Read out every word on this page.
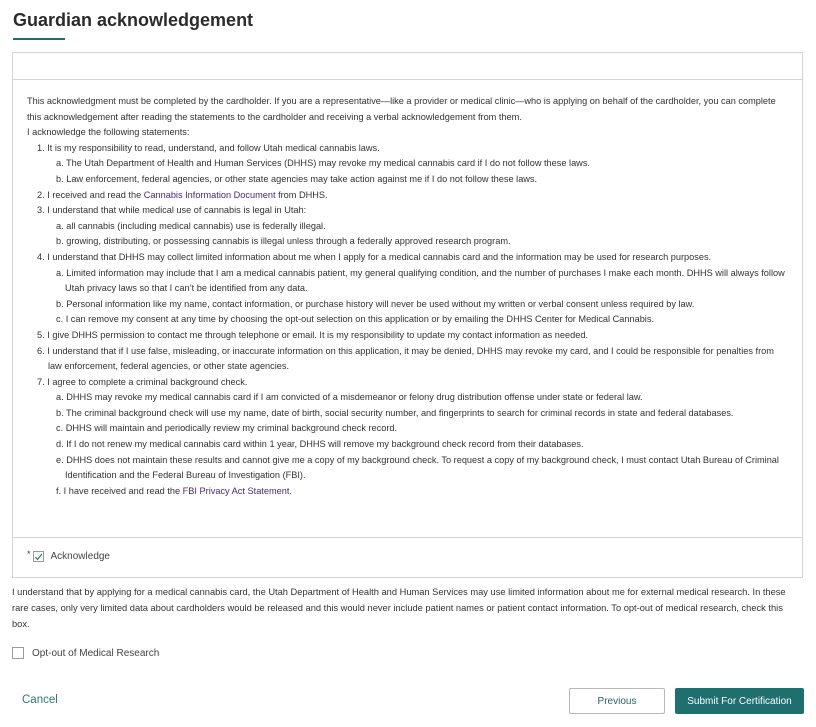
Guardian acknowledgement

This acknowledgment must be completed by the cardholder. If you are a representative—like a provider or medical clinic—who is applying on behalf of the cardholder, you can complete this acknowledgement after reading the statements to the cardholder and receiving a verbal acknowledgement from them.

I acknowledge the following statements:

1. It is my responsibility to read, understand, and follow Utah medical cannabis laws.
a. The Utah Department of Health and Human Services (DHHS) may revoke my medical cannabis card if I do not follow these laws.
b. Law enforcement, federal agencies, or other state agencies may take action against me if I do not follow these laws.
2. I received and read the Cannabis Information Document from DHHS.
3. I understand that while medical use of cannabis is legal in Utah:
a. all cannabis (including medical cannabis) use is federally illegal.
b. growing, distributing, or possessing cannabis is illegal unless through a federally approved research program.
4. I understand that DHHS may collect limited information about me when I apply for a medical cannabis card and the information may be used for research purposes.
a. Limited information may include that I am a medical cannabis patient, my general qualifying condition, and the number of purchases I make each month. DHHS will always follow Utah privacy laws so that I can’t be identified from any data.
b. Personal information like my name, contact information, or purchase history will never be used without my written or verbal consent unless required by law.
c. I can remove my consent at any time by choosing the opt-out selection on this application or by emailing the DHHS Center for Medical Cannabis.
5. I give DHHS permission to contact me through telephone or email. It is my responsibility to update my contact information as needed.
6. I understand that if I use false, misleading, or inaccurate information on this application, it may be denied, DHHS may revoke my card, and I could be responsible for penalties from law enforcement, federal agencies, or other state agencies.
7. I agree to complete a criminal background check.
a. DHHS may revoke my medical cannabis card if I am convicted of a misdemeanor or felony drug distribution offense under state or federal law.
b. The criminal background check will use my name, date of birth, social security number, and fingerprints to search for criminal records in state and federal databases.
c. DHHS will maintain and periodically review my criminal background check record.
d. If I do not renew my medical cannabis card within 1 year, DHHS will remove my background check record from their databases.
e. DHHS does not maintain these results and cannot give me a copy of my background check. To request a copy of my background check, I must contact Utah Bureau of Criminal Identification and the Federal Bureau of Investigation (FBI).
f. I have received and read the FBI Privacy Act Statement.
* Acknowledge
I understand that by applying for a medical cannabis card, the Utah Department of Health and Human Services may use limited information about me for external medical research. In these rare cases, only very limited data about cardholders would be released and this would never include patient names or patient contact information. To opt-out of medical research, check this box.
Opt-out of Medical Research
Cancel	Previous	Submit For Certification
